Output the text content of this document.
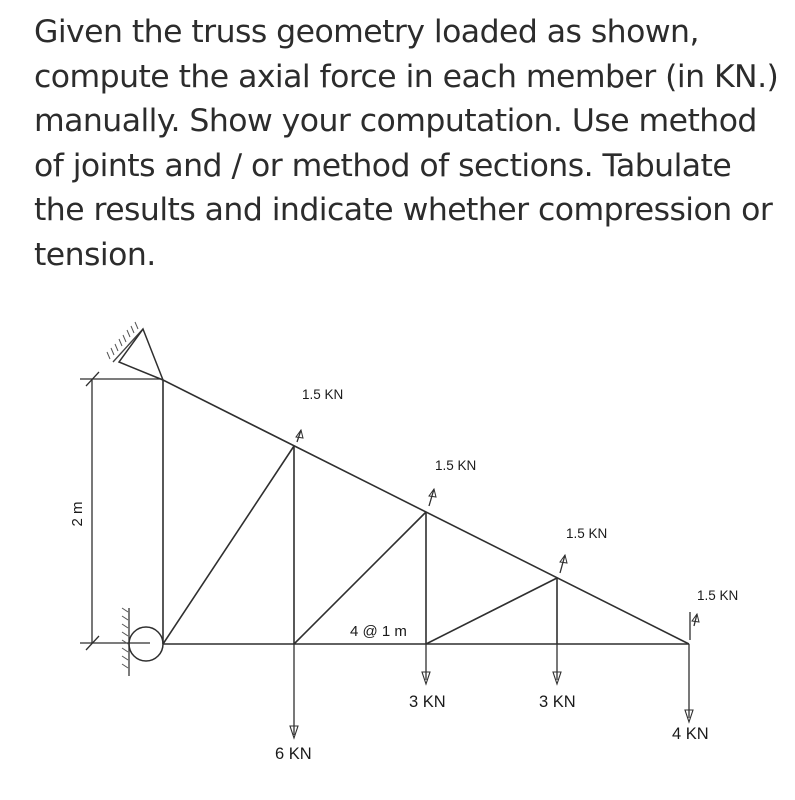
Given the truss geometry loaded as shown, compute the axial force in each member (in KN.) manually. Show your computation. Use method of joints and / or method of sections. Tabulate the results and indicate whether compression or tension.

2 m
1.5 KN
1.5 KN
1.5 KN
1.5 KN
4 @ 1 m
6 KN
3 KN	3 KN
4 KN
